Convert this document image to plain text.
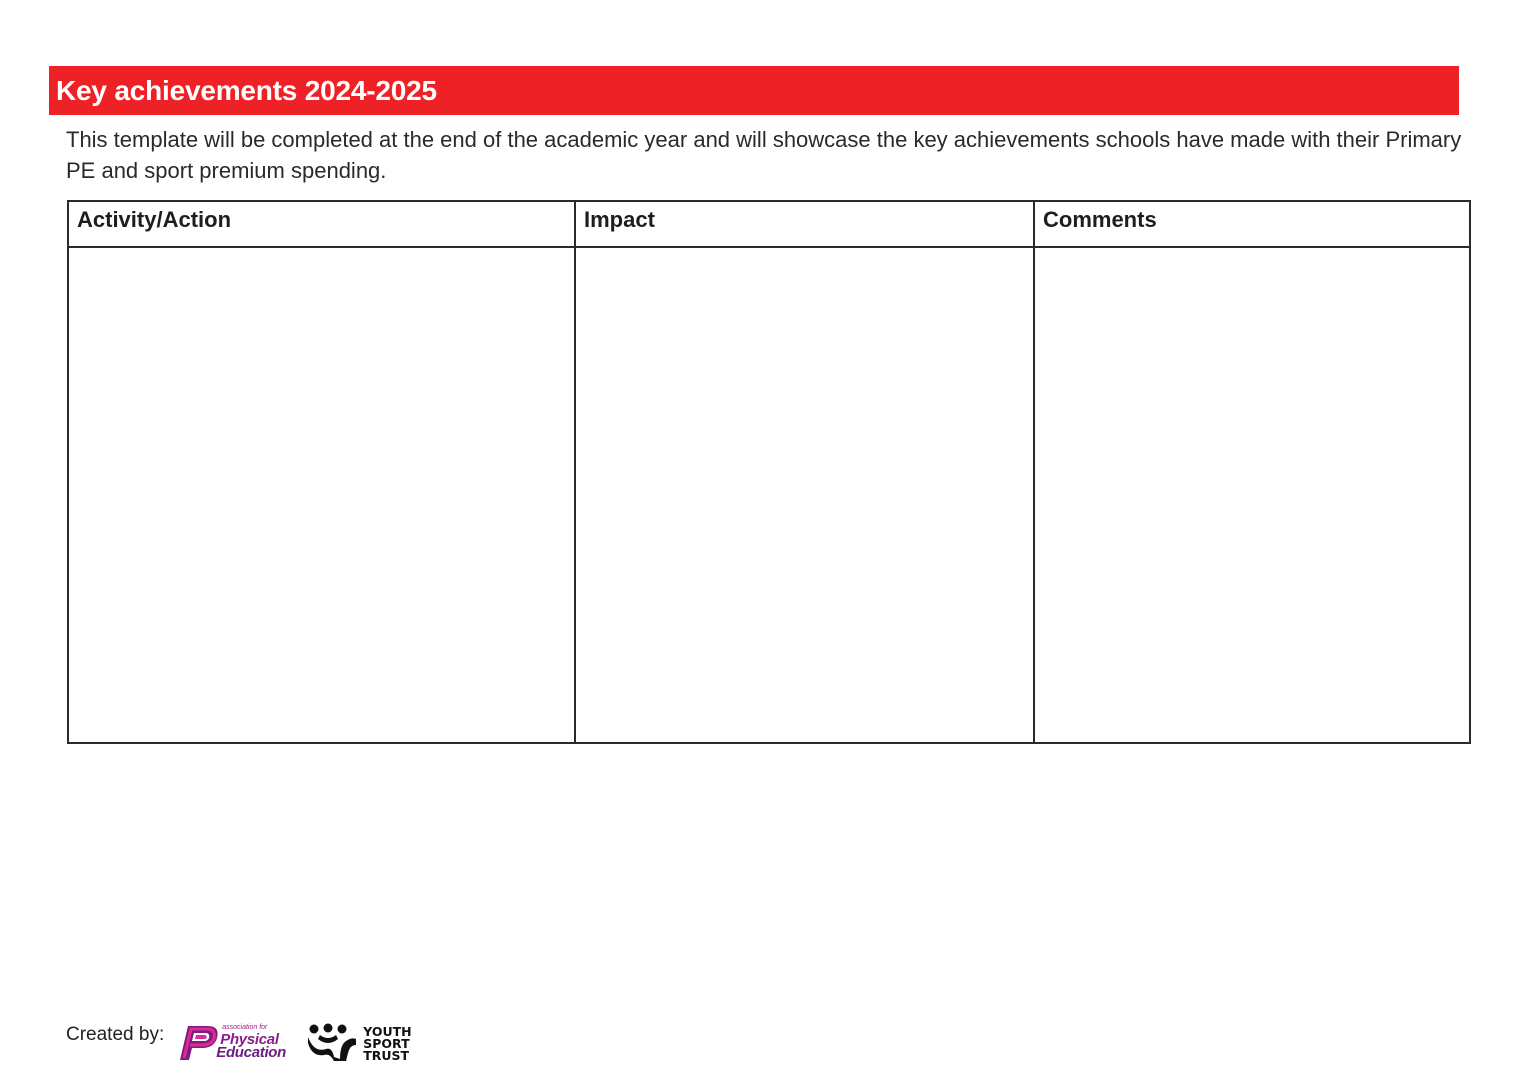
Key achievements 2024-2025
This template will be completed at the end of the academic year and will showcase the key achievements schools have made with their Primary PE and sport premium spending.
Activity/Action	Impact	Comments

Created by:	association for
Physical
Education
YOUTH
SPORT
TRUST
